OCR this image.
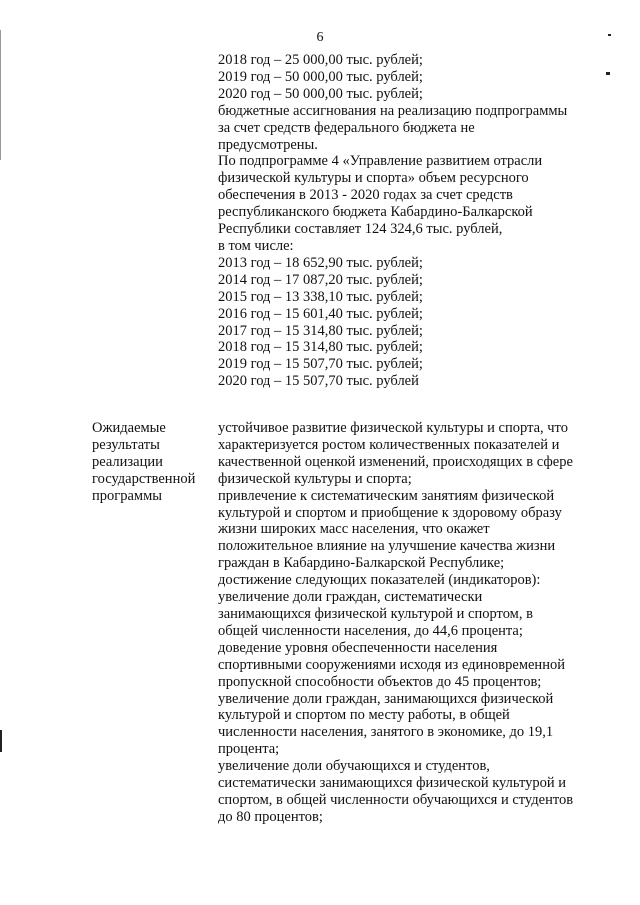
6
2018 год – 25 000,00 тыс. рублей;
2019 год – 50 000,00 тыс. рублей;
2020 год – 50 000,00 тыс. рублей;
бюджетные ассигнования на реализацию подпрограммы
за счет средств федерального бюджета не
предусмотрены.
По подпрограмме 4 «Управление развитием отрасли
физической культуры и спорта» объем ресурсного
обеспечения в 2013 - 2020 годах за счет средств
республиканского бюджета Кабардино-Балкарской
Республики составляет 124 324,6 тыс. рублей,
в том числе:
2013 год – 18 652,90 тыс. рублей;
2014 год – 17 087,20 тыс. рублей;
2015 год – 13 338,10 тыс. рублей;
2016 год – 15 601,40 тыс. рублей;
2017 год – 15 314,80 тыс. рублей;
2018 год – 15 314,80 тыс. рублей;
2019 год – 15 507,70 тыс. рублей;
2020 год – 15 507,70 тыс. рублей
Ожидаемые
результаты
реализации
государственной
программы
устойчивое развитие физической культуры и спорта, что
характеризуется ростом количественных показателей и
качественной оценкой изменений, происходящих в сфере
физической культуры и спорта;
привлечение к систематическим занятиям физической
культурой и спортом и приобщение к здоровому образу
жизни широких масс населения, что окажет
положительное влияние на улучшение качества жизни
граждан в Кабардино-Балкарской Республике;
достижение следующих показателей (индикаторов):
увеличение доли граждан, систематически
занимающихся физической культурой и спортом, в
общей численности населения, до 44,6 процента;
доведение уровня обеспеченности населения
спортивными сооружениями исходя из единовременной
пропускной способности объектов до 45 процентов;
увеличение доли граждан, занимающихся физической
культурой и спортом по месту работы, в общей
численности населения, занятого в экономике, до 19,1
процента;
увеличение доли обучающихся и студентов,
систематически занимающихся физической культурой и
спортом, в общей численности обучающихся и студентов
до 80 процентов;
